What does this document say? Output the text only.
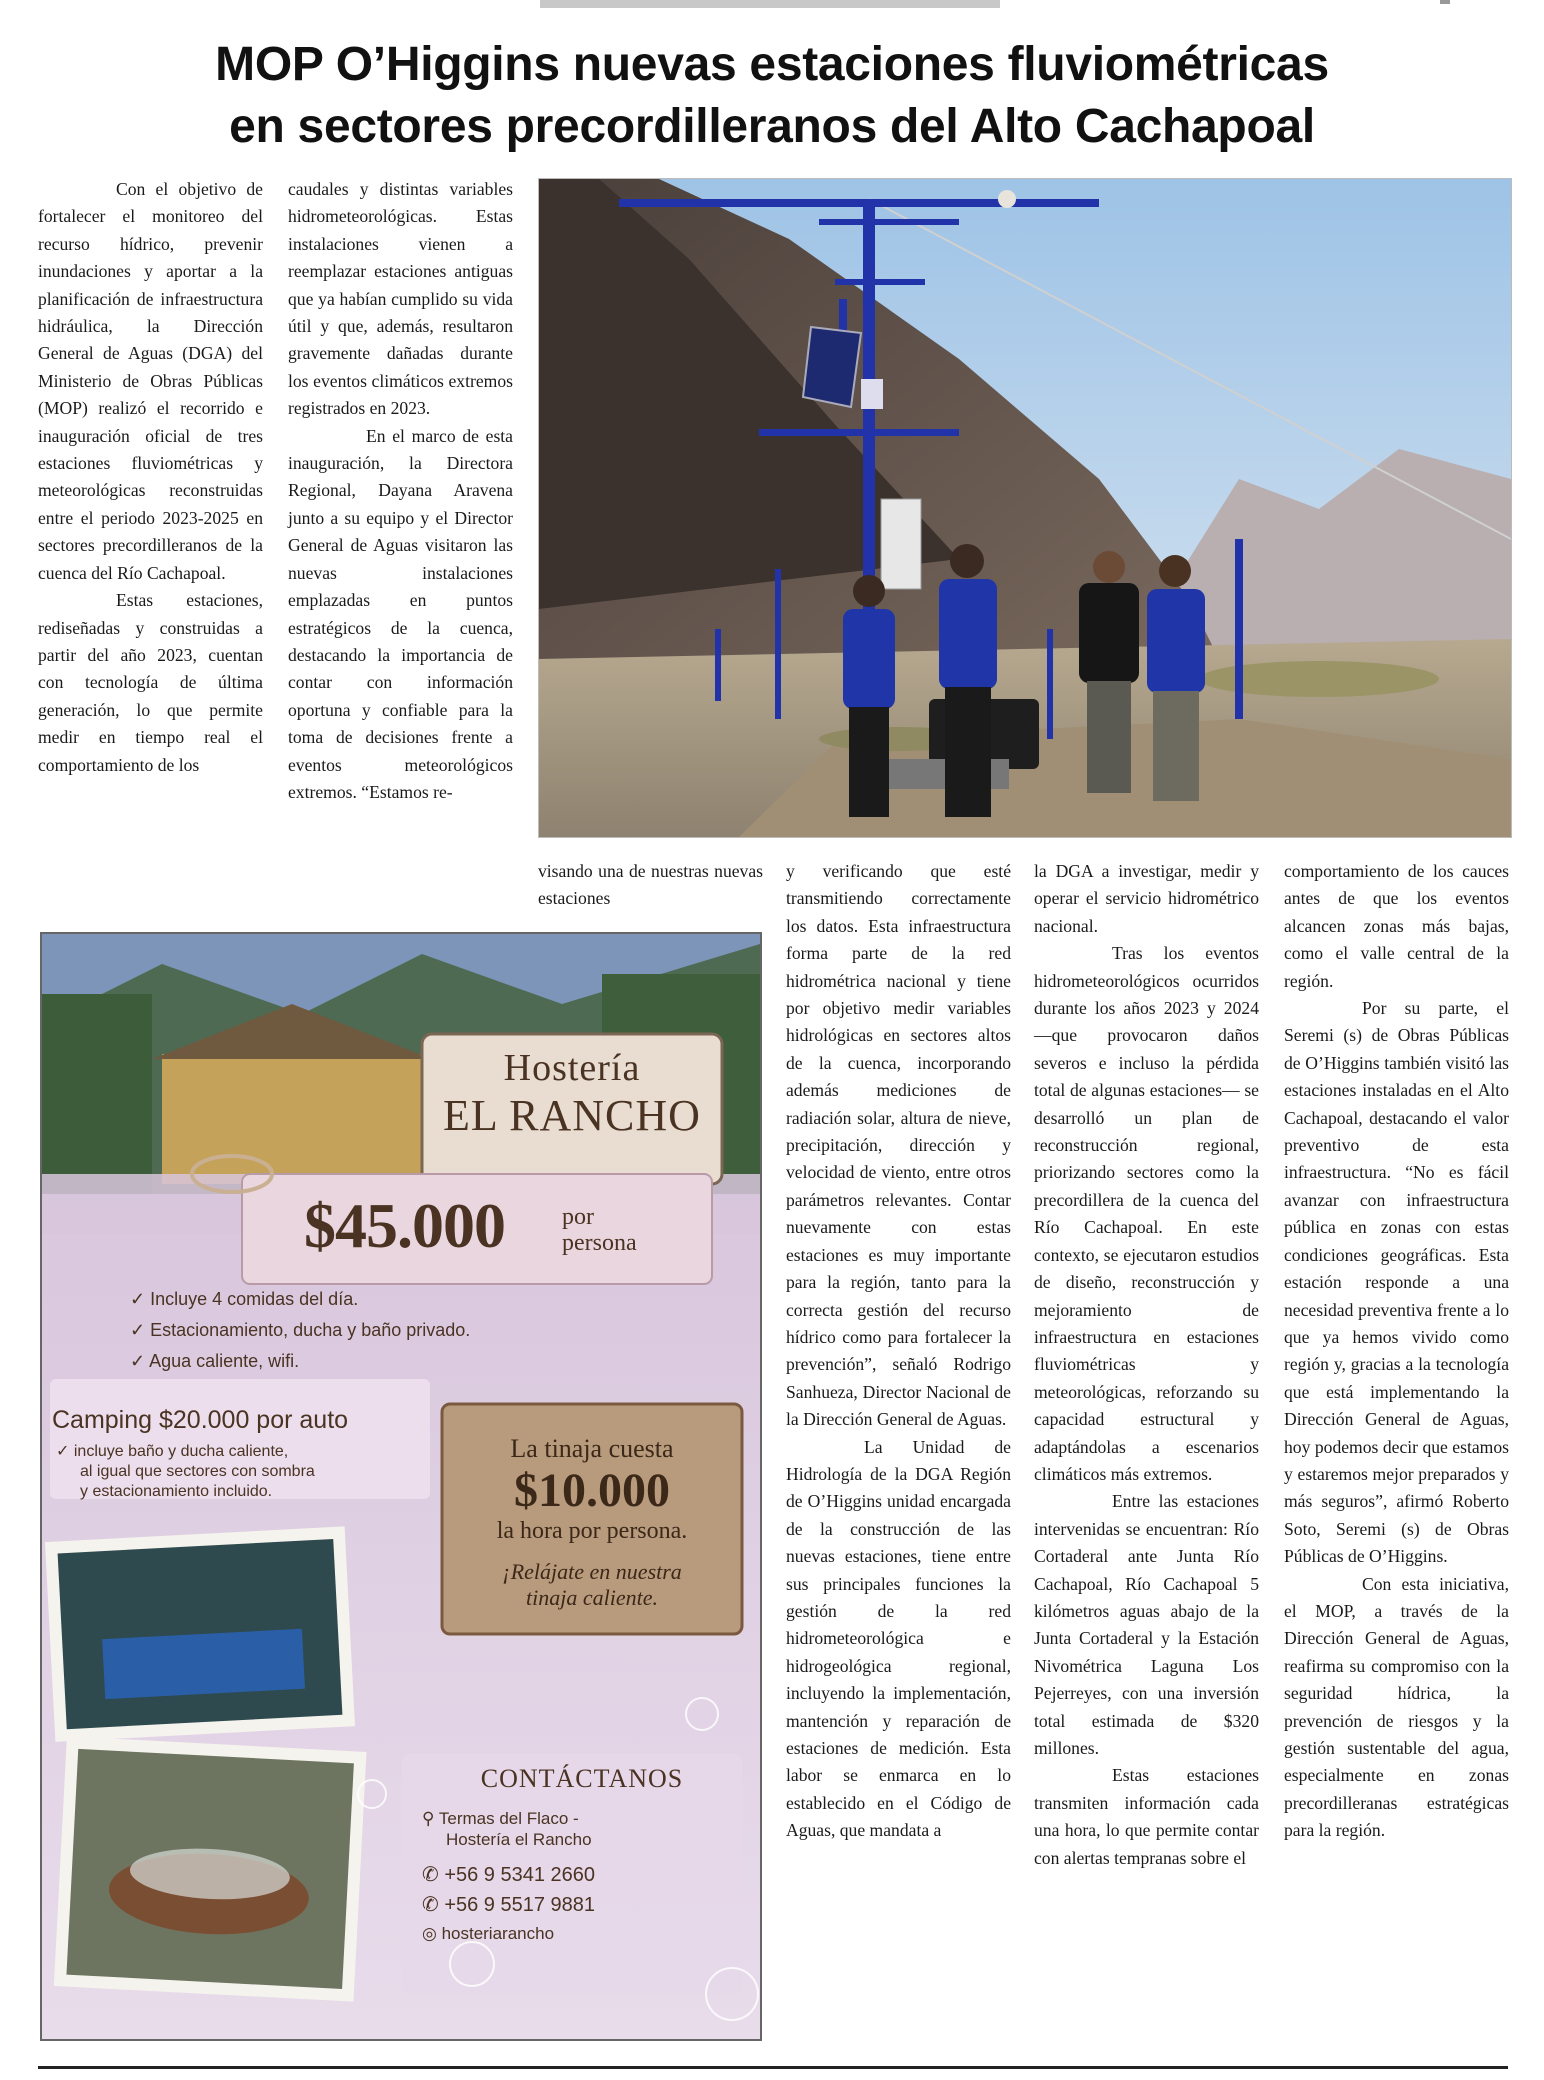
MOP O’Higgins nuevas estaciones fluviométricas
en sectores precordilleranos del Alto Cachapoal

Con el objetivo de fortalecer el monitoreo del recurso hídrico, prevenir inundaciones y aportar a la planificación de infraestructura hidráulica, la Dirección General de Aguas (DGA) del Ministerio de Obras Públicas (MOP) realizó el recorrido e inauguración oficial de tres estaciones fluviométricas y meteorológicas reconstruidas entre el periodo 2023-2025 en sectores precordilleranos de la cuenca del Río Cachapoal.

Estas estaciones, rediseñadas y construidas a partir del año 2023, cuentan con tecnología de última generación, lo que permite medir en tiempo real el comportamiento de los

caudales y distintas variables hidrometeorológicas. Estas instalaciones vienen a reemplazar estaciones antiguas que ya habían cumplido su vida útil y que, además, resultaron gravemente dañadas durante los eventos climáticos extremos registrados en 2023.

En el marco de esta inauguración, la Directora Regional, Dayana Aravena junto a su equipo y el Director General de Aguas visitaron las nuevas instalaciones emplazadas en puntos estratégicos de la cuenca, destacando la importancia de contar con información oportuna y confiable para la toma de decisiones frente a eventos meteorológicos extremos. “Estamos re-

visando una de nuestras nuevas estaciones

y verificando que esté transmitiendo correctamente los datos. Esta infraestructura forma parte de la red hidrométrica nacional y tiene por objetivo medir variables hidrológicas en sectores altos de la cuenca, incorporando además mediciones de radiación solar, altura de nieve, precipitación, dirección y velocidad de viento, entre otros parámetros relevantes. Contar nuevamente con estas estaciones es muy importante para la región, tanto para la correcta gestión del recurso hídrico como para fortalecer la prevención”, señaló Rodrigo Sanhueza, Director Nacional de la Dirección General de Aguas.

La Unidad de Hidrología de la DGA Región de O’Higgins unidad encargada de la construcción de las nuevas estaciones, tiene entre sus principales funciones la gestión de la red hidrometeorológica e hidrogeológica regional, incluyendo la implementación, mantención y reparación de estaciones de medición. Esta labor se enmarca en lo establecido en el Código de Aguas, que mandata a

la DGA a investigar, medir y operar el servicio hidrométrico nacional.

Tras los eventos hidrometeorológicos ocurridos durante los años 2023 y 2024 —que provocaron daños severos e incluso la pérdida total de algunas estaciones— se desarrolló un plan de reconstrucción regional, priorizando sectores como la precordillera de la cuenca del Río Cachapoal. En este contexto, se ejecutaron estudios de diseño, reconstrucción y mejoramiento de infraestructura en estaciones fluviométricas y meteorológicas, reforzando su capacidad estructural y adaptándolas a escenarios climáticos más extremos.

Entre las estaciones intervenidas se encuentran: Río Cortaderal ante Junta Río Cachapoal, Río Cachapoal 5 kilómetros aguas abajo de la Junta Cortaderal y la Estación Nivométrica Laguna Los Pejerreyes, con una inversión total estimada de $320 millones.

Estas estaciones transmiten información cada una hora, lo que permite contar con alertas tempranas sobre el

comportamiento de los cauces antes de que los eventos alcancen zonas más bajas, como el valle central de la región.

Por su parte, el Seremi (s) de Obras Públicas de O’Higgins también visitó las estaciones instaladas en el Alto Cachapoal, destacando el valor preventivo de esta infraestructura. “No es fácil avanzar con infraestructura pública en zonas con estas condiciones geográficas. Esta estación responde a una necesidad preventiva frente a lo que ya hemos vivido como región y, gracias a la tecnología que está implementando la Dirección General de Aguas, hoy podemos decir que estamos y estaremos mejor preparados y más seguros”, afirmó Roberto Soto, Seremi (s) de Obras Públicas de O’Higgins.

Con esta iniciativa, el MOP, a través de la Dirección General de Aguas, reafirma su compromiso con la seguridad hídrica, la prevención de riesgos y la gestión sustentable del agua, especialmente en zonas precordilleranas estratégicas para la región.

Hostería
EL RANCHO
$45.000 por
persona
✓ Incluye 4 comidas del día.
✓ Estacionamiento, ducha y baño privado.
✓ Agua caliente, wifi.
Camping $20.000 por auto
✓ incluye baño y ducha caliente,
al igual que sectores con sombra
y estacionamiento incluido.
La tinaja cuesta
$10.000
la hora por persona.
¡Relájate en nuestra
tinaja caliente.
CONTÁCTANOS
⚲ Termas del Flaco -
Hostería el Rancho
✆ +56 9 5341 2660
✆ +56 9 5517 9881
◎ hosteriarancho
